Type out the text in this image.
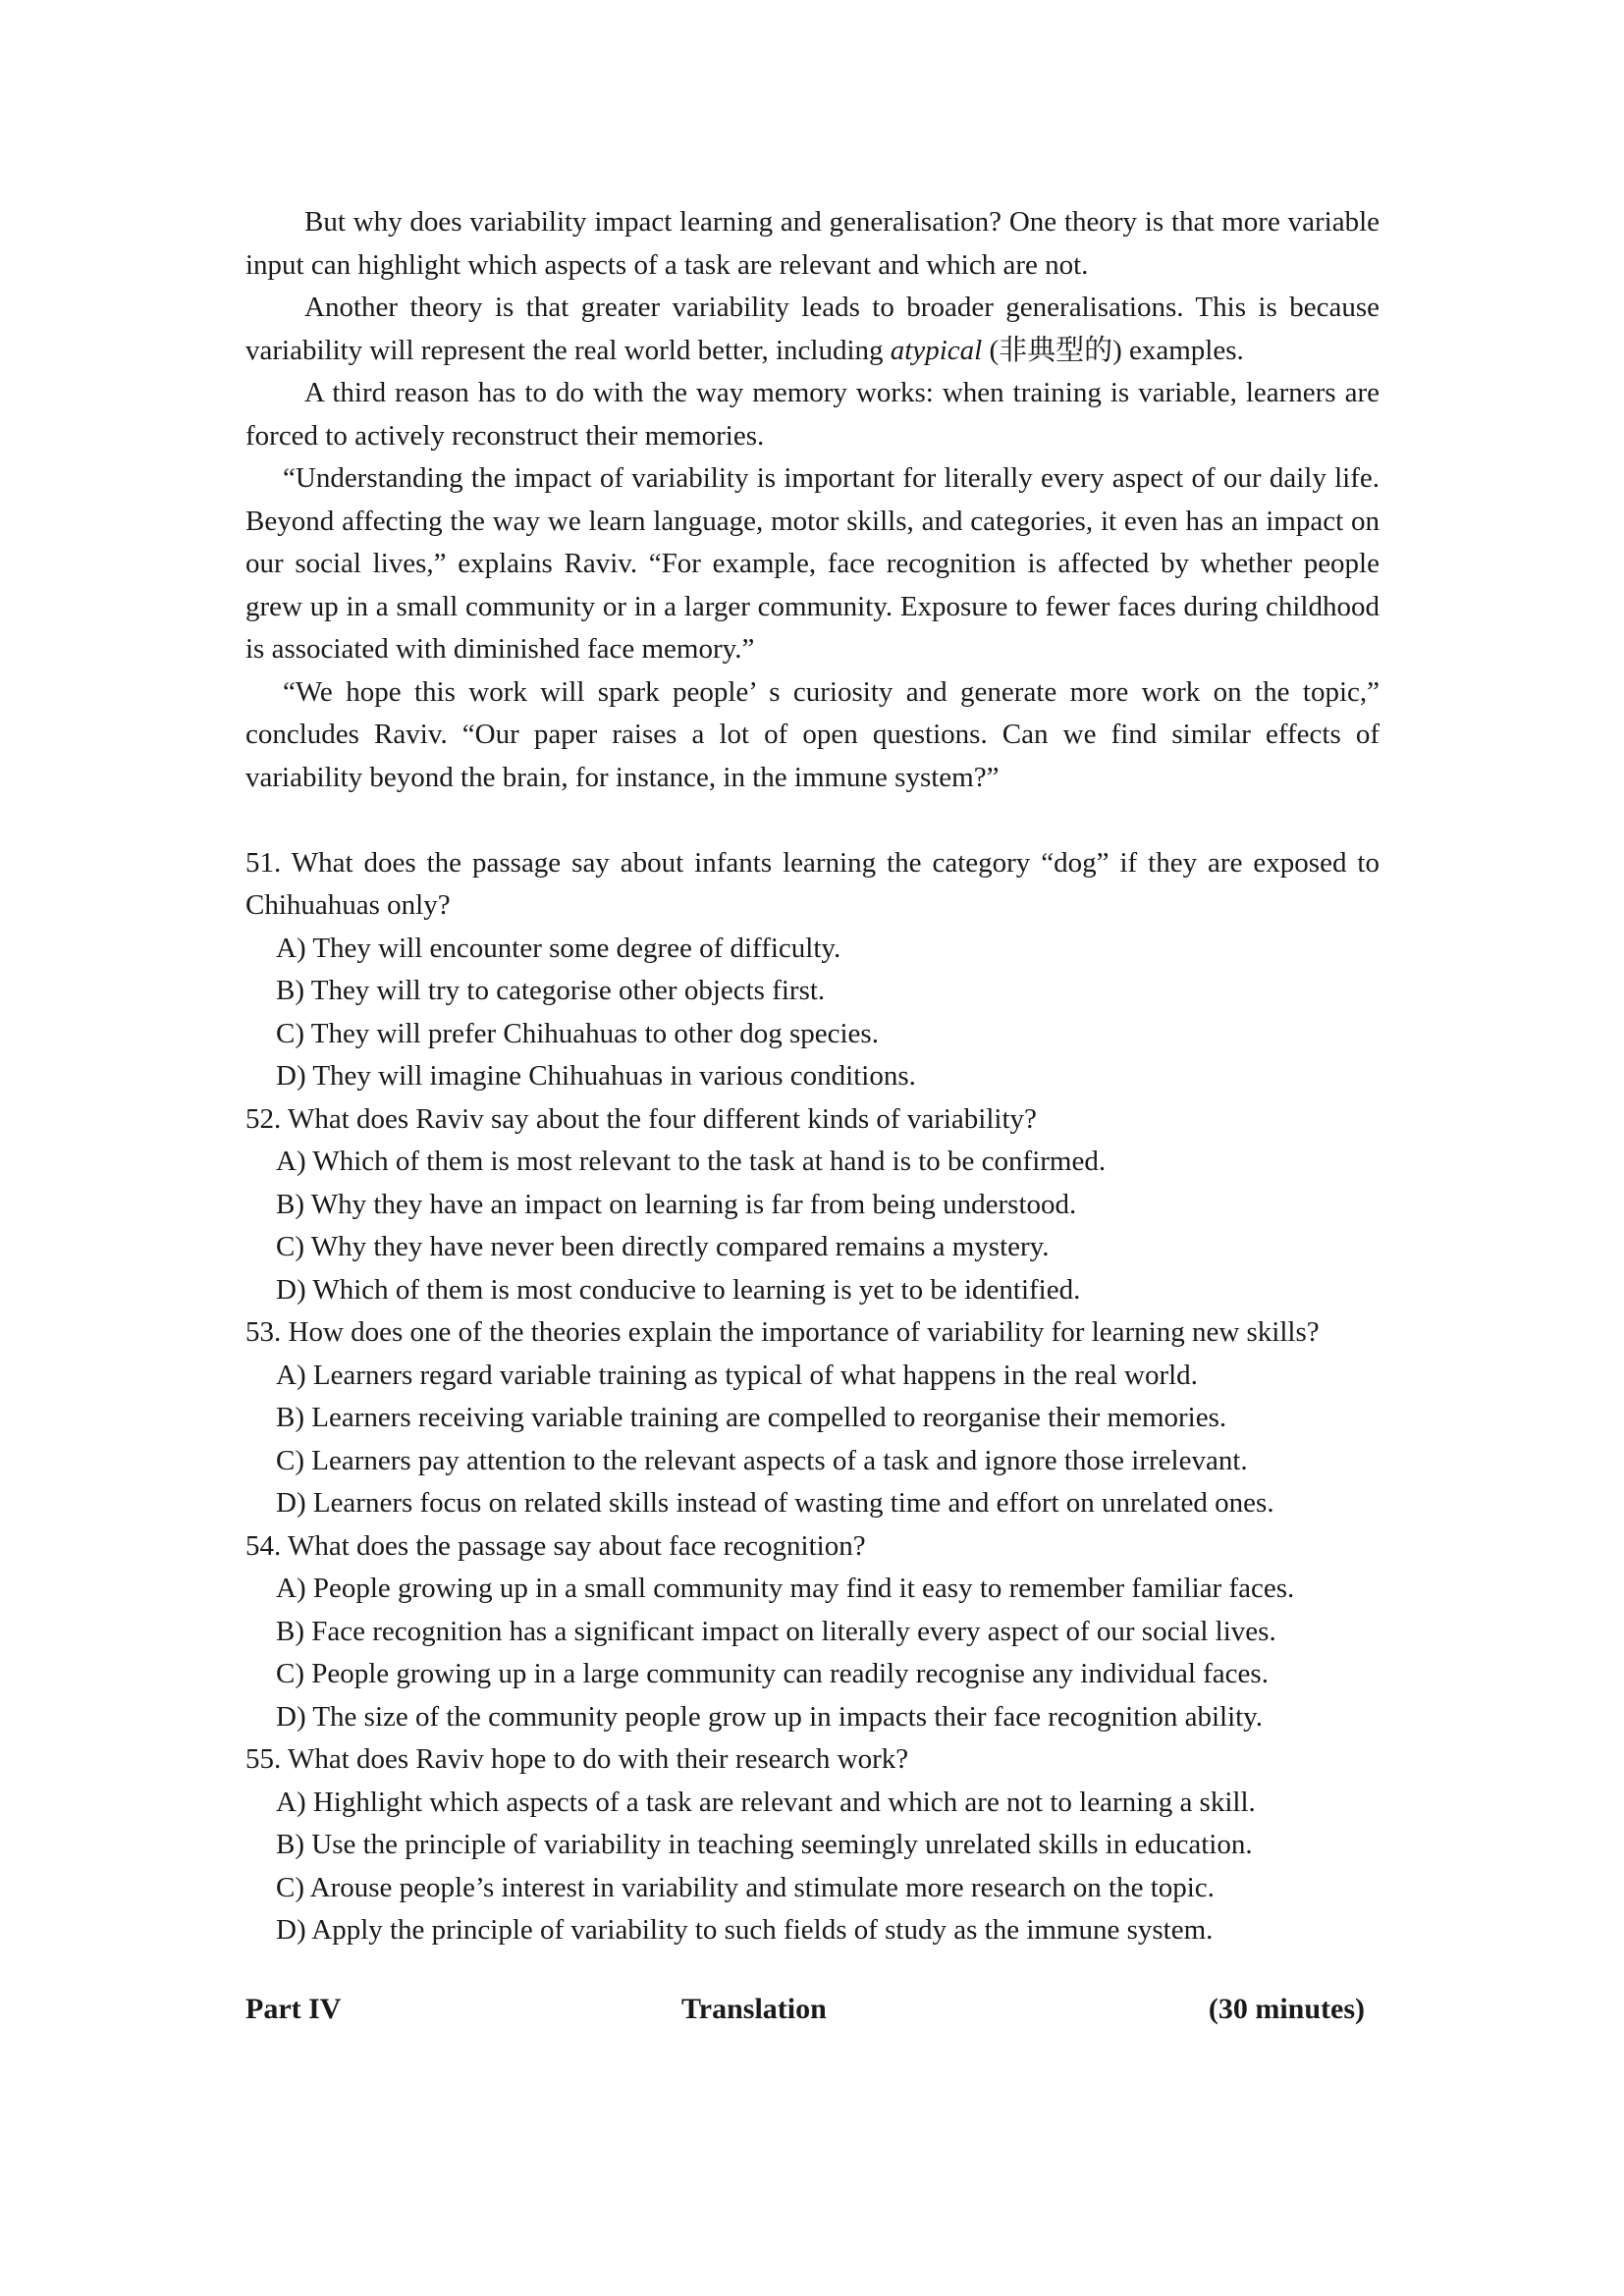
But why does variability impact learning and generalisation? One theory is that more variable input can highlight which aspects of a task are relevant and which are not.

Another theory is that greater variability leads to broader generalisations. This is because variability will represent the real world better, including atypical (非典型的) examples.

A third reason has to do with the way memory works: when training is variable, learners are forced to actively reconstruct their memories.

“Understanding the impact of variability is important for literally every aspect of our daily life. Beyond affecting the way we learn language, motor skills, and categories, it even has an impact on our social lives,” explains Raviv. “For example, face recognition is affected by whether people grew up in a small community or in a larger community. Exposure to fewer faces during childhood is associated with diminished face memory.”

“We hope this work will spark people’ s curiosity and generate more work on the topic,” concludes Raviv. “Our paper raises a lot of open questions. Can we find similar effects of variability beyond the brain, for instance, in the immune system?”

51. What does the passage say about infants learning the category “dog” if they are exposed to Chihuahuas only?

A) They will encounter some degree of difficulty.

B) They will try to categorise other objects first.

C) They will prefer Chihuahuas to other dog species.

D) They will imagine Chihuahuas in various conditions.

52. What does Raviv say about the four different kinds of variability?

A) Which of them is most relevant to the task at hand is to be confirmed.

B) Why they have an impact on learning is far from being understood.

C) Why they have never been directly compared remains a mystery.

D) Which of them is most conducive to learning is yet to be identified.

53. How does one of the theories explain the importance of variability for learning new skills?

A) Learners regard variable training as typical of what happens in the real world.

B) Learners receiving variable training are compelled to reorganise their memories.

C) Learners pay attention to the relevant aspects of a task and ignore those irrelevant.

D) Learners focus on related skills instead of wasting time and effort on unrelated ones.

54. What does the passage say about face recognition?

A) People growing up in a small community may find it easy to remember familiar faces.

B) Face recognition has a significant impact on literally every aspect of our social lives.

C) People growing up in a large community can readily recognise any individual faces.

D) The size of the community people grow up in impacts their face recognition ability.

55. What does Raviv hope to do with their research work?

A) Highlight which aspects of a task are relevant and which are not to learning a skill.

B) Use the principle of variability in teaching seemingly unrelated skills in education.

C) Arouse people’s interest in variability and stimulate more research on the topic.

D) Apply the principle of variability to such fields of study as the immune system.

Part IV	Translation	(30 minutes)
